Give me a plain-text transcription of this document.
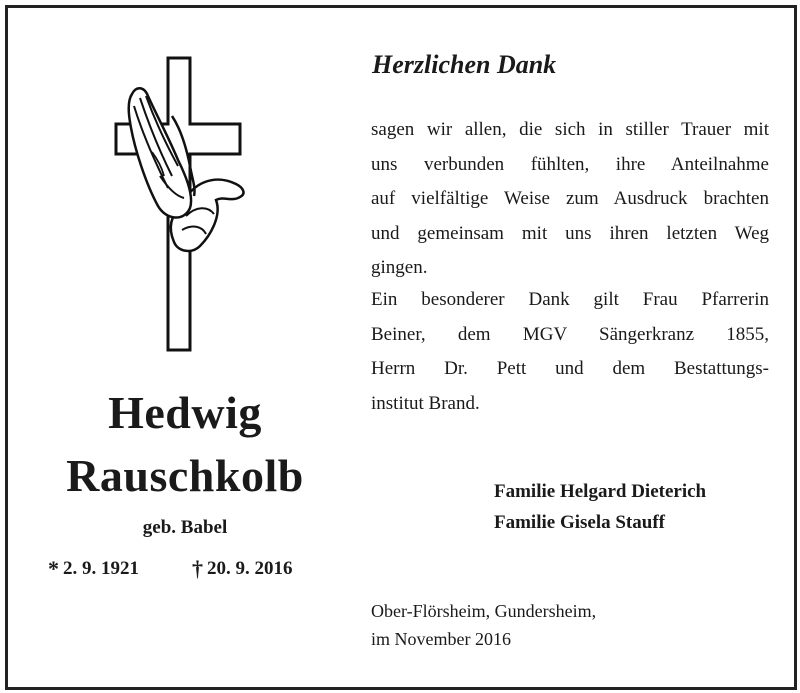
Hedwig
Rauschkolb
geb. Babel
* 2. 9. 1921 † 20. 9. 2016
Herzlichen Dank
sagen wir allen, die sich in stiller Trauer mit
uns verbunden fühlten, ihre Anteilnahme
auf vielfältige Weise zum Ausdruck brachten
und gemeinsam mit uns ihren letzten Weg
gingen.
Ein besonderer Dank gilt Frau Pfarrerin
Beiner, dem MGV Sängerkranz 1855,
Herrn Dr. Pett und dem Bestattungs-
institut Brand.
Familie Helgard Dieterich
Familie Gisela Stauff
Ober-Flörsheim, Gundersheim,
im November 2016
